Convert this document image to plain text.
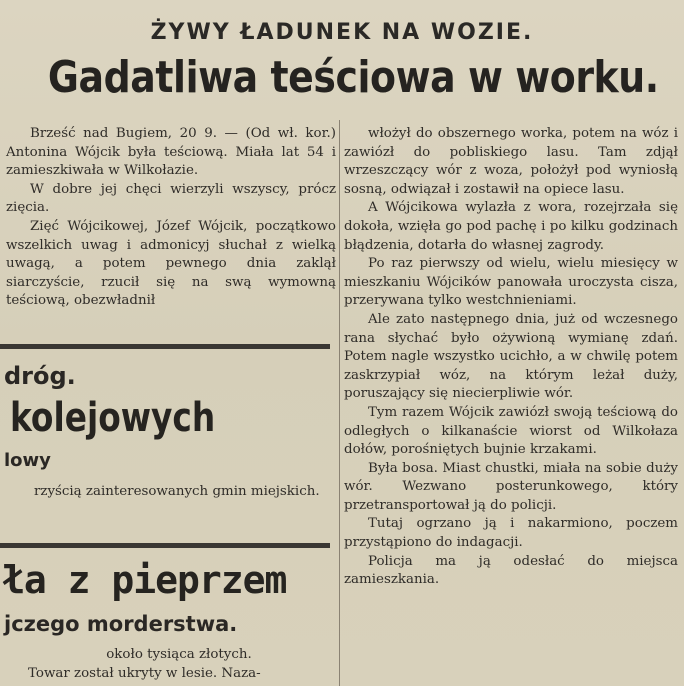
ŻYWY ŁADUNEK NA WOZIE.
Gadatliwa teściowa w worku.

Brześć nad Bugiem, 20 9. — (Od wł. kor.) Antonina Wójcik była teściową. Miała lat 54 i zamieszkiwała w Wilkołazie.

W dobre jej chęci wierzyli wszyscy, prócz zięcia.

Zięć Wójcikowej, Józef Wójcik, początkowo wszelkich uwag i admonicyj słuchał z wielką uwagą, a potem pewnego dnia zaklął siarczyście, rzucił się na swą wymowną teściową, obezwładnił

włożył do obszernego worka, potem na wóz i zawiózł do pobliskiego lasu. Tam zdjął wrzeszczący wór z woza, położył pod wyniosłą sosną, odwiązał i zostawił na opiece lasu.

A Wójcikowa wylazła z wora, rozejrzała się dokoła, wzięła go pod pachę i po kilku godzinach błądzenia, dotarła do własnej zagrody.

Po raz pierwszy od wielu, wielu miesięcy w mieszkaniu Wójcików panowała uroczysta cisza, przerywana tylko westchnieniami.

Ale zato następnego dnia, już od wczesnego rana słychać było ożywioną wymianę zdań. Potem nagle wszystko ucichło, a w chwilę potem zaskrzypiał wóz, na którym leżał duży, poruszający się niecierpliwie wór.

Tym razem Wójcik zawiózł swoją teściową do odległych o kilkanaście wiorst od Wilkołaza dołów, porośniętych bujnie krzakami.

Była bosa. Miast chustki, miała na sobie duży wór. Wezwano posterunkowego, który przetransportował ją do policji.

Tutaj ogrzano ją i nakarmiono, poczem przystąpiono do indagacji.

Policja ma ją odesłać do miejsca zamieszkania.

dróg.
kolejowych
lowy

rzyścią zainteresowanych gmin miejskich.

ła z pieprzem
jczego morderstwa.

około tysiąca złotych.

Towar został ukryty w lesie. Naza-
